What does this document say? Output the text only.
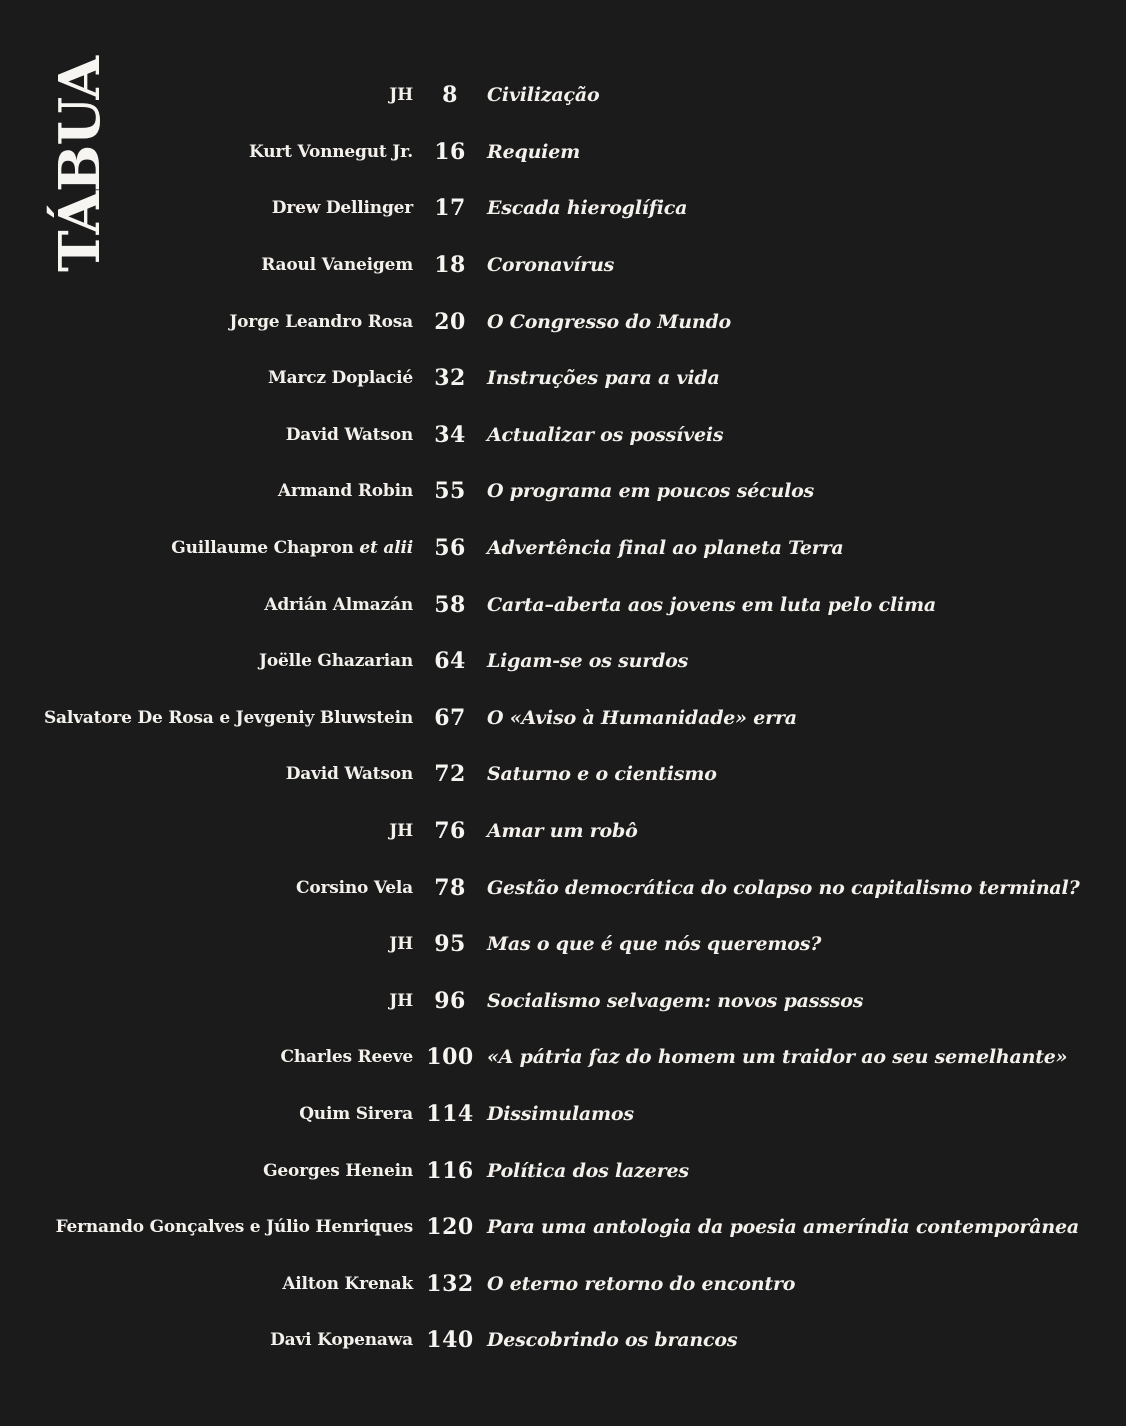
TÁBUA	JH	8	Civilização
Kurt Vonnegut Jr. 16	Requiem
Drew Dellinger 17	Escada hieroglífica
Raoul Vaneigem 18	Coronavírus
Jorge Leandro Rosa 20	O Congresso do Mundo
Marcz Doplacié 32	Instruções para a vida
David Watson 34	Actualizar os possíveis
Armand Robin 55	O programa em poucos séculos
Guillaume Chapron et alii 56	Advertência final ao planeta Terra
Adrián Almazán 58	Carta–aberta aos jovens em luta pelo clima
Joëlle Ghazarian 64	Ligam-se os surdos
Salvatore De Rosa e Jevgeniy Bluwstein 67	O «Aviso à Humanidade» erra
David Watson 72	Saturno e o cientismo
JH 76	Amar um robô
Corsino Vela 78	Gestão democrática do colapso no capitalismo terminal?
JH 95	Mas o que é que nós queremos?
JH 96	Socialismo selvagem: novos passsos
Charles Reeve 100 «A pátria faz do homem um traidor ao seu semelhante»
Quim Sirera 114 Dissimulamos
Georges Henein 116 Política dos lazeres
Fernando Gonçalves e Júlio Henriques 120 Para uma antologia da poesia ameríndia contemporânea
Ailton Krenak 132 O eterno retorno do encontro
Davi Kopenawa 140 Descobrindo os brancos
